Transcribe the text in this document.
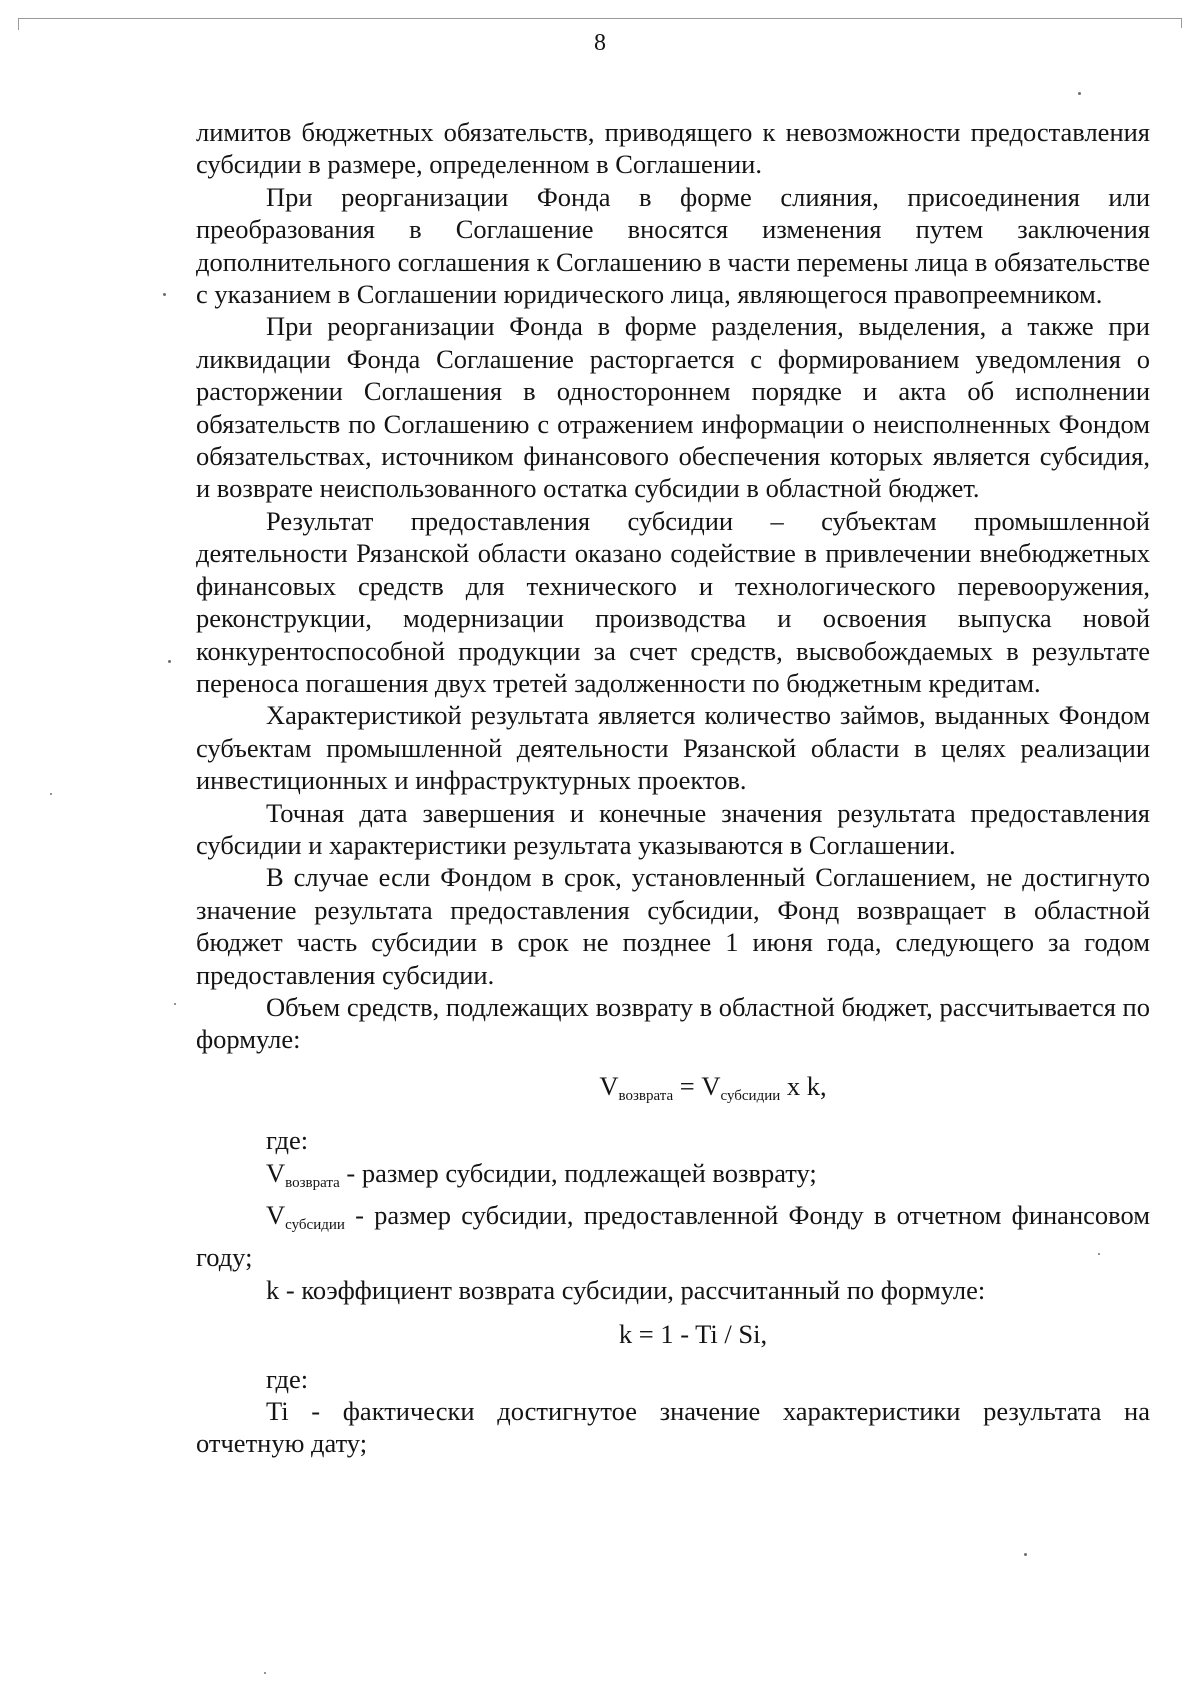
8

лимитов бюджетных обязательств, приводящего к невозможности предоставления субсидии в размере, определенном в Соглашении.

При реорганизации Фонда в форме слияния, присоединения или преобразования в Соглашение вносятся изменения путем заключения дополнительного соглашения к Соглашению в части перемены лица в обязательстве с указанием в Соглашении юридического лица, являющегося правопреемником.

При реорганизации Фонда в форме разделения, выделения, а также при ликвидации Фонда Соглашение расторгается с формированием уведомления о расторжении Соглашения в одностороннем порядке и акта об исполнении обязательств по Соглашению с отражением информации о неисполненных Фондом обязательствах, источником финансового обеспечения которых является субсидия, и возврате неиспользованного остатка субсидии в областной бюджет.

Результат предоставления субсидии – субъектам промышленной деятельности Рязанской области оказано содействие в привлечении внебюджетных финансовых средств для технического и технологического перевооружения, реконструкции, модернизации производства и освоения выпуска новой конкурентоспособной продукции за счет средств, высвобождаемых в результате переноса погашения двух третей задолженности по бюджетным кредитам.

Характеристикой результата является количество займов, выданных Фондом субъектам промышленной деятельности Рязанской области в целях реализации инвестиционных и инфраструктурных проектов.

Точная дата завершения и конечные значения результата предоставления субсидии и характеристики результата указываются в Соглашении.

В случае если Фондом в срок, установленный Соглашением, не достигнуто значение результата предоставления субсидии, Фонд возвращает в областной бюджет часть субсидии в срок не позднее 1 июня года, следующего за годом предоставления субсидии.

Объем средств, подлежащих возврату в областной бюджет, рассчитывается по формуле:

$V_{возврата} = V_{субсидии}$ x k,

где:

$V_{возврата}$ - размер субсидии, подлежащей возврату;

$V_{субсидии}$ - размер субсидии, предоставленной Фонду в отчетном финансовом году;

k - коэффициент возврата субсидии, рассчитанный по формуле:

k = 1 - Ti / Si,

где:

Ti - фактически достигнутое значение характеристики результата на отчетную дату;
